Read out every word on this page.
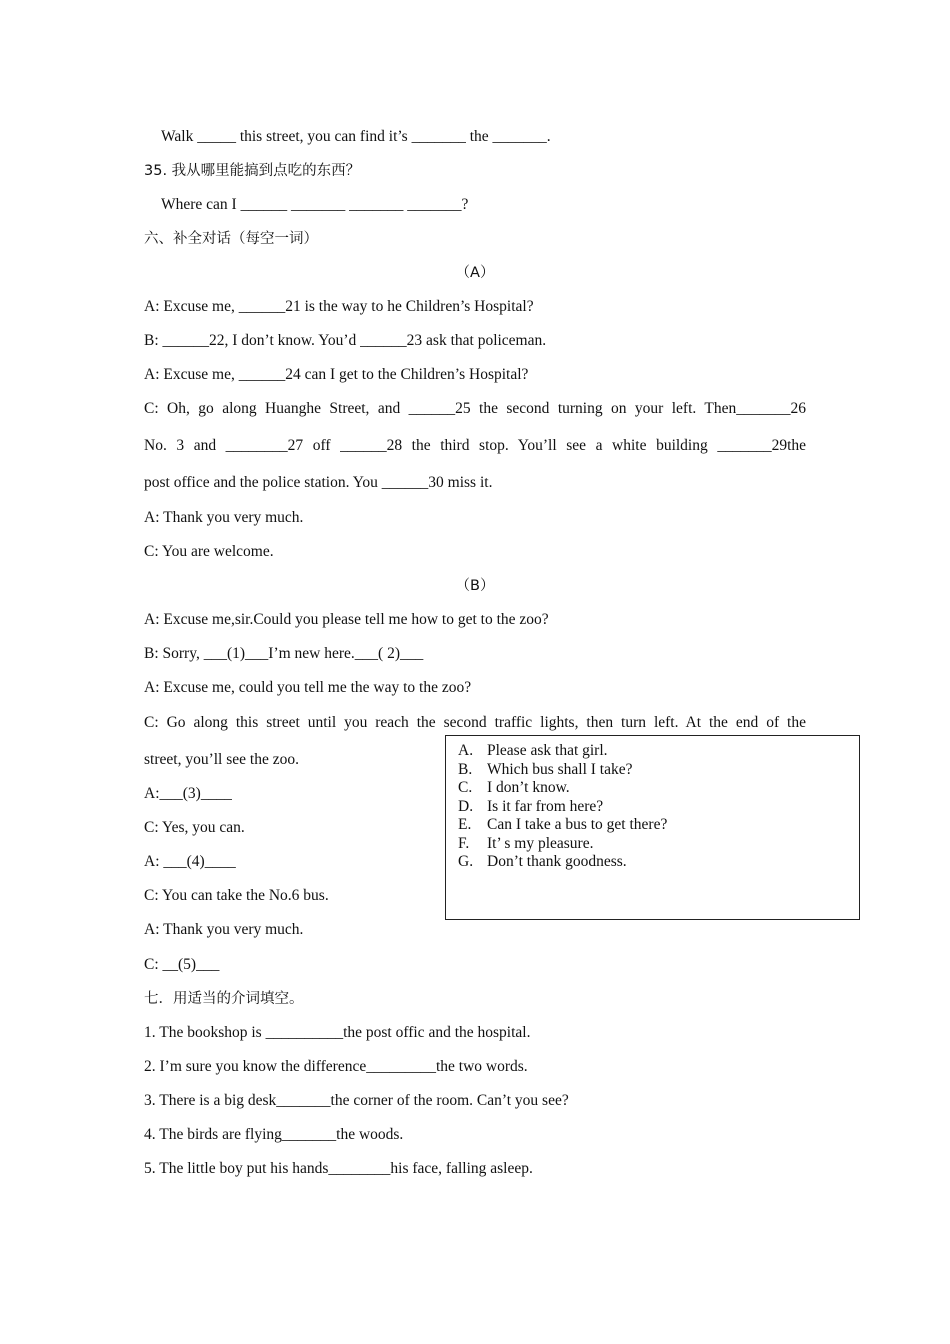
Walk _____ this street, you can find it’s _______ the _______.
35. 我从哪里能搞到点吃的东西？
Where can I ______ _______ _______ _______?
六、补全对话（每空一词）
（A）
A: Excuse me, ______21 is the way to he Children’s Hospital?
B: ______22, I don’t know. You’d ______23 ask that policeman.
A: Excuse me, ______24 can I get to the Children’s Hospital?
C: Oh, go along Huanghe Street, and ______25 the second turning on your left. Then_______26
No. 3 and ________27 off ______28 the third stop. You’ll see a white building _______29the
post office and the police station. You ______30 miss it.
A: Thank you very much.
C: You are welcome.
（B）
A: Excuse me,sir.Could you please tell me how to get to the zoo?
B: Sorry, ___(1)___I’m new here.___( 2)___
A: Excuse me, could you tell me the way to the zoo?
C: Go along this street until you reach the second traffic lights, then turn left. At the end of the
street, you’ll see the zoo.
A:___(3)____
C: Yes, you can.
A: ___(4)____
C: You can take the No.6 bus.
A: Thank you very much.
C: __(5)___
A. Please ask that girl.
B. Which bus shall I take?
C. I don’t know.
D. Is it far from here?
E.	Can I take a bus to get there?
F.	It’ s my pleasure.
G. Don’t thank goodness.
七．用适当的介词填空。
1. The bookshop is __________the post offic and the hospital.
2. I’m sure you know the difference_________the two words.
3. There is a big desk_______the corner of the room. Can’t you see?
4. The birds are flying_______the woods.
5. The little boy put his hands________his face, falling asleep.
